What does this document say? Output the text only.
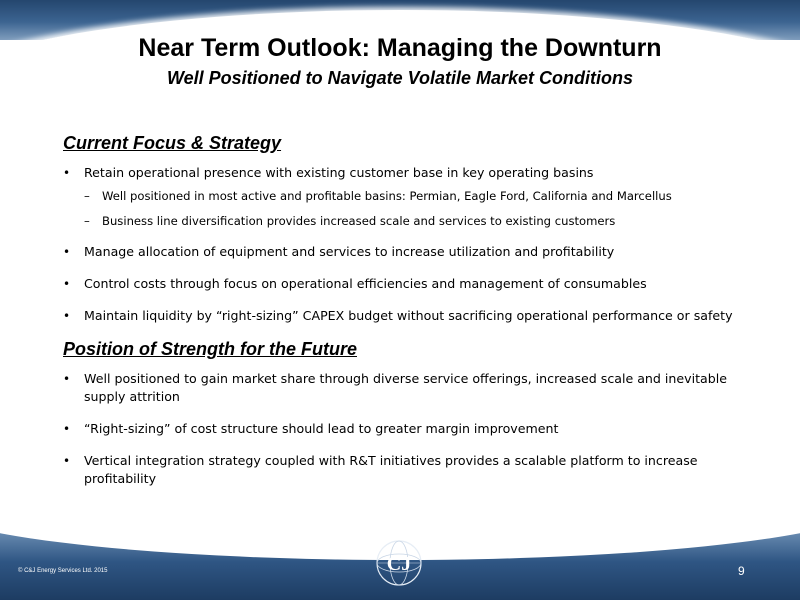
Near Term Outlook: Managing the Downturn
Well Positioned to Navigate Volatile Market Conditions
Current Focus & Strategy
• Retain operational presence with existing customer base in key operating basins
– Well positioned in most active and profitable basins: Permian, Eagle Ford, California and Marcellus
– Business line diversification provides increased scale and services to existing customers
• Manage allocation of equipment and services to increase utilization and profitability
• Control costs through focus on operational efficiencies and management of consumables
• Maintain liquidity by “right-sizing” CAPEX budget without sacrificing operational performance or safety
Position of Strength for the Future
• Well positioned to gain market share through diverse service offerings, increased scale and inevitable supply attrition
• “Right-sizing” of cost structure should lead to greater margin improvement
• Vertical integration strategy coupled with R&T initiatives provides a scalable platform to increase profitability
© C&J Energy Services Ltd. 2015	9
CJ
